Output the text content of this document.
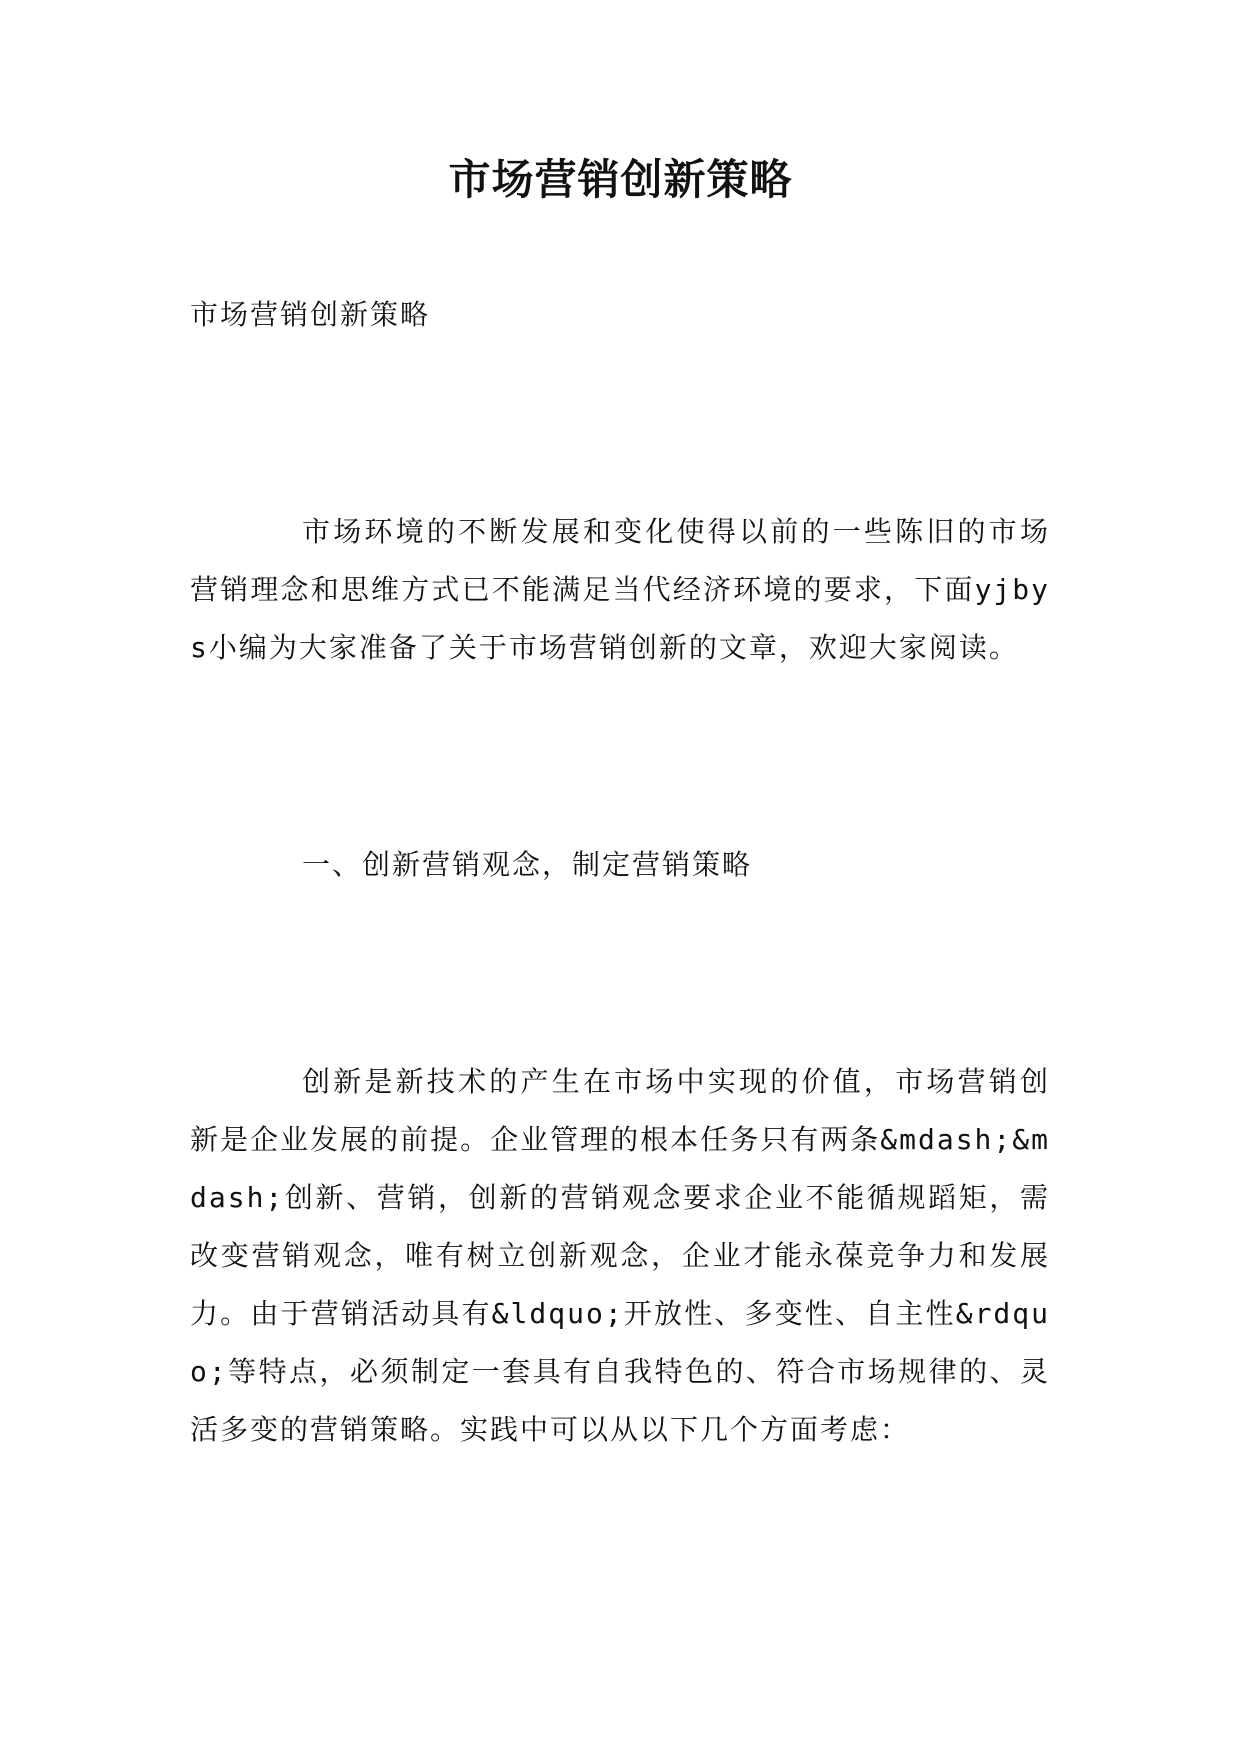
市场营销创新策略

市场营销创新策略

市场环境的不断发展和变化使得以前的一些陈旧的市场营销理念和思维方式已不能满足当代经济环境的要求，下面yjbys小编为大家准备了关于市场营销创新的文章，欢迎大家阅读。

一、创新营销观念，制定营销策略

创新是新技术的产生在市场中实现的价值，市场营销创新是企业发展的前提。企业管理的根本任务只有两条&mdash;&mdash;创新、营销，创新的营销观念要求企业不能循规蹈矩，需改变营销观念，唯有树立创新观念，企业才能永葆竞争力和发展力。由于营销活动具有&ldquo;开放性、多变性、自主性&rdquo;等特点，必须制定一套具有自我特色的、符合市场规律的、灵活多变的营销策略。实践中可以从以下几个方面考虑：
